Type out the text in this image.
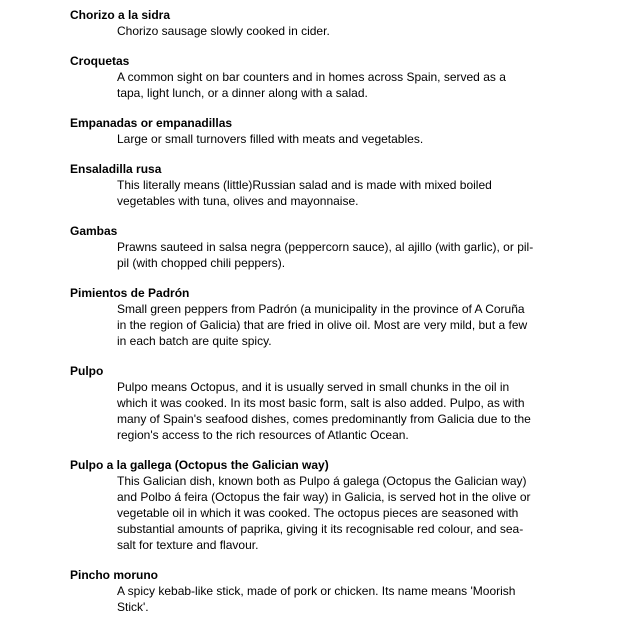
Chorizo a la sidra
Chorizo sausage slowly cooked in cider.
Croquetas
A common sight on bar counters and in homes across Spain, served as a
tapa, light lunch, or a dinner along with a salad.
Empanadas or empanadillas
Large or small turnovers filled with meats and vegetables.
Ensaladilla rusa
This literally means (little)Russian salad and is made with mixed boiled
vegetables with tuna, olives and mayonnaise.
Gambas
Prawns sauteed in salsa negra (peppercorn sauce), al ajillo (with garlic), or pil-
pil (with chopped chili peppers).
Pimientos de Padrón
Small green peppers from Padrón (a municipality in the province of A Coruña
in the region of Galicia) that are fried in olive oil. Most are very mild, but a few
in each batch are quite spicy.
Pulpo
Pulpo means Octopus, and it is usually served in small chunks in the oil in
which it was cooked. In its most basic form, salt is also added. Pulpo, as with
many of Spain's seafood dishes, comes predominantly from Galicia due to the
region's access to the rich resources of Atlantic Ocean.
Pulpo a la gallega (Octopus the Galician way)
This Galician dish, known both as Pulpo á galega (Octopus the Galician way)
and Polbo á feira (Octopus the fair way) in Galicia, is served hot in the olive or
vegetable oil in which it was cooked. The octopus pieces are seasoned with
substantial amounts of paprika, giving it its recognisable red colour, and sea-
salt for texture and flavour.
Pincho moruno
A spicy kebab-like stick, made of pork or chicken. Its name means 'Moorish
Stick'.
